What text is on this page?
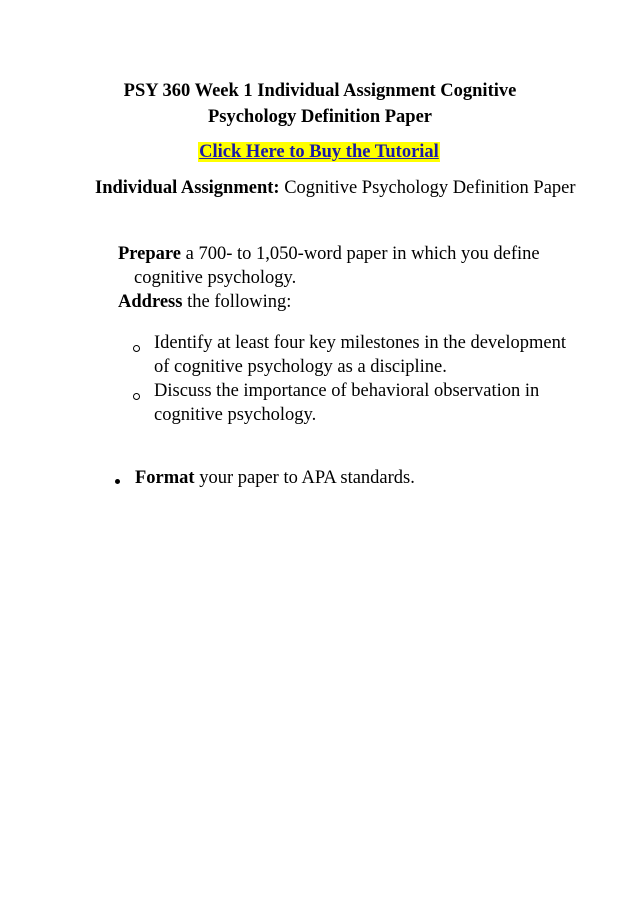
PSY 360 Week 1 Individual Assignment Cognitive Psychology Definition Paper
Click Here to Buy the Tutorial
Individual Assignment: Cognitive Psychology Definition Paper
Prepare a 700- to 1,050-word paper in which you define cognitive psychology.
Address the following:
Identify at least four key milestones in the development of cognitive psychology as a discipline.
Discuss the importance of behavioral observation in cognitive psychology.
Format your paper to APA standards.
